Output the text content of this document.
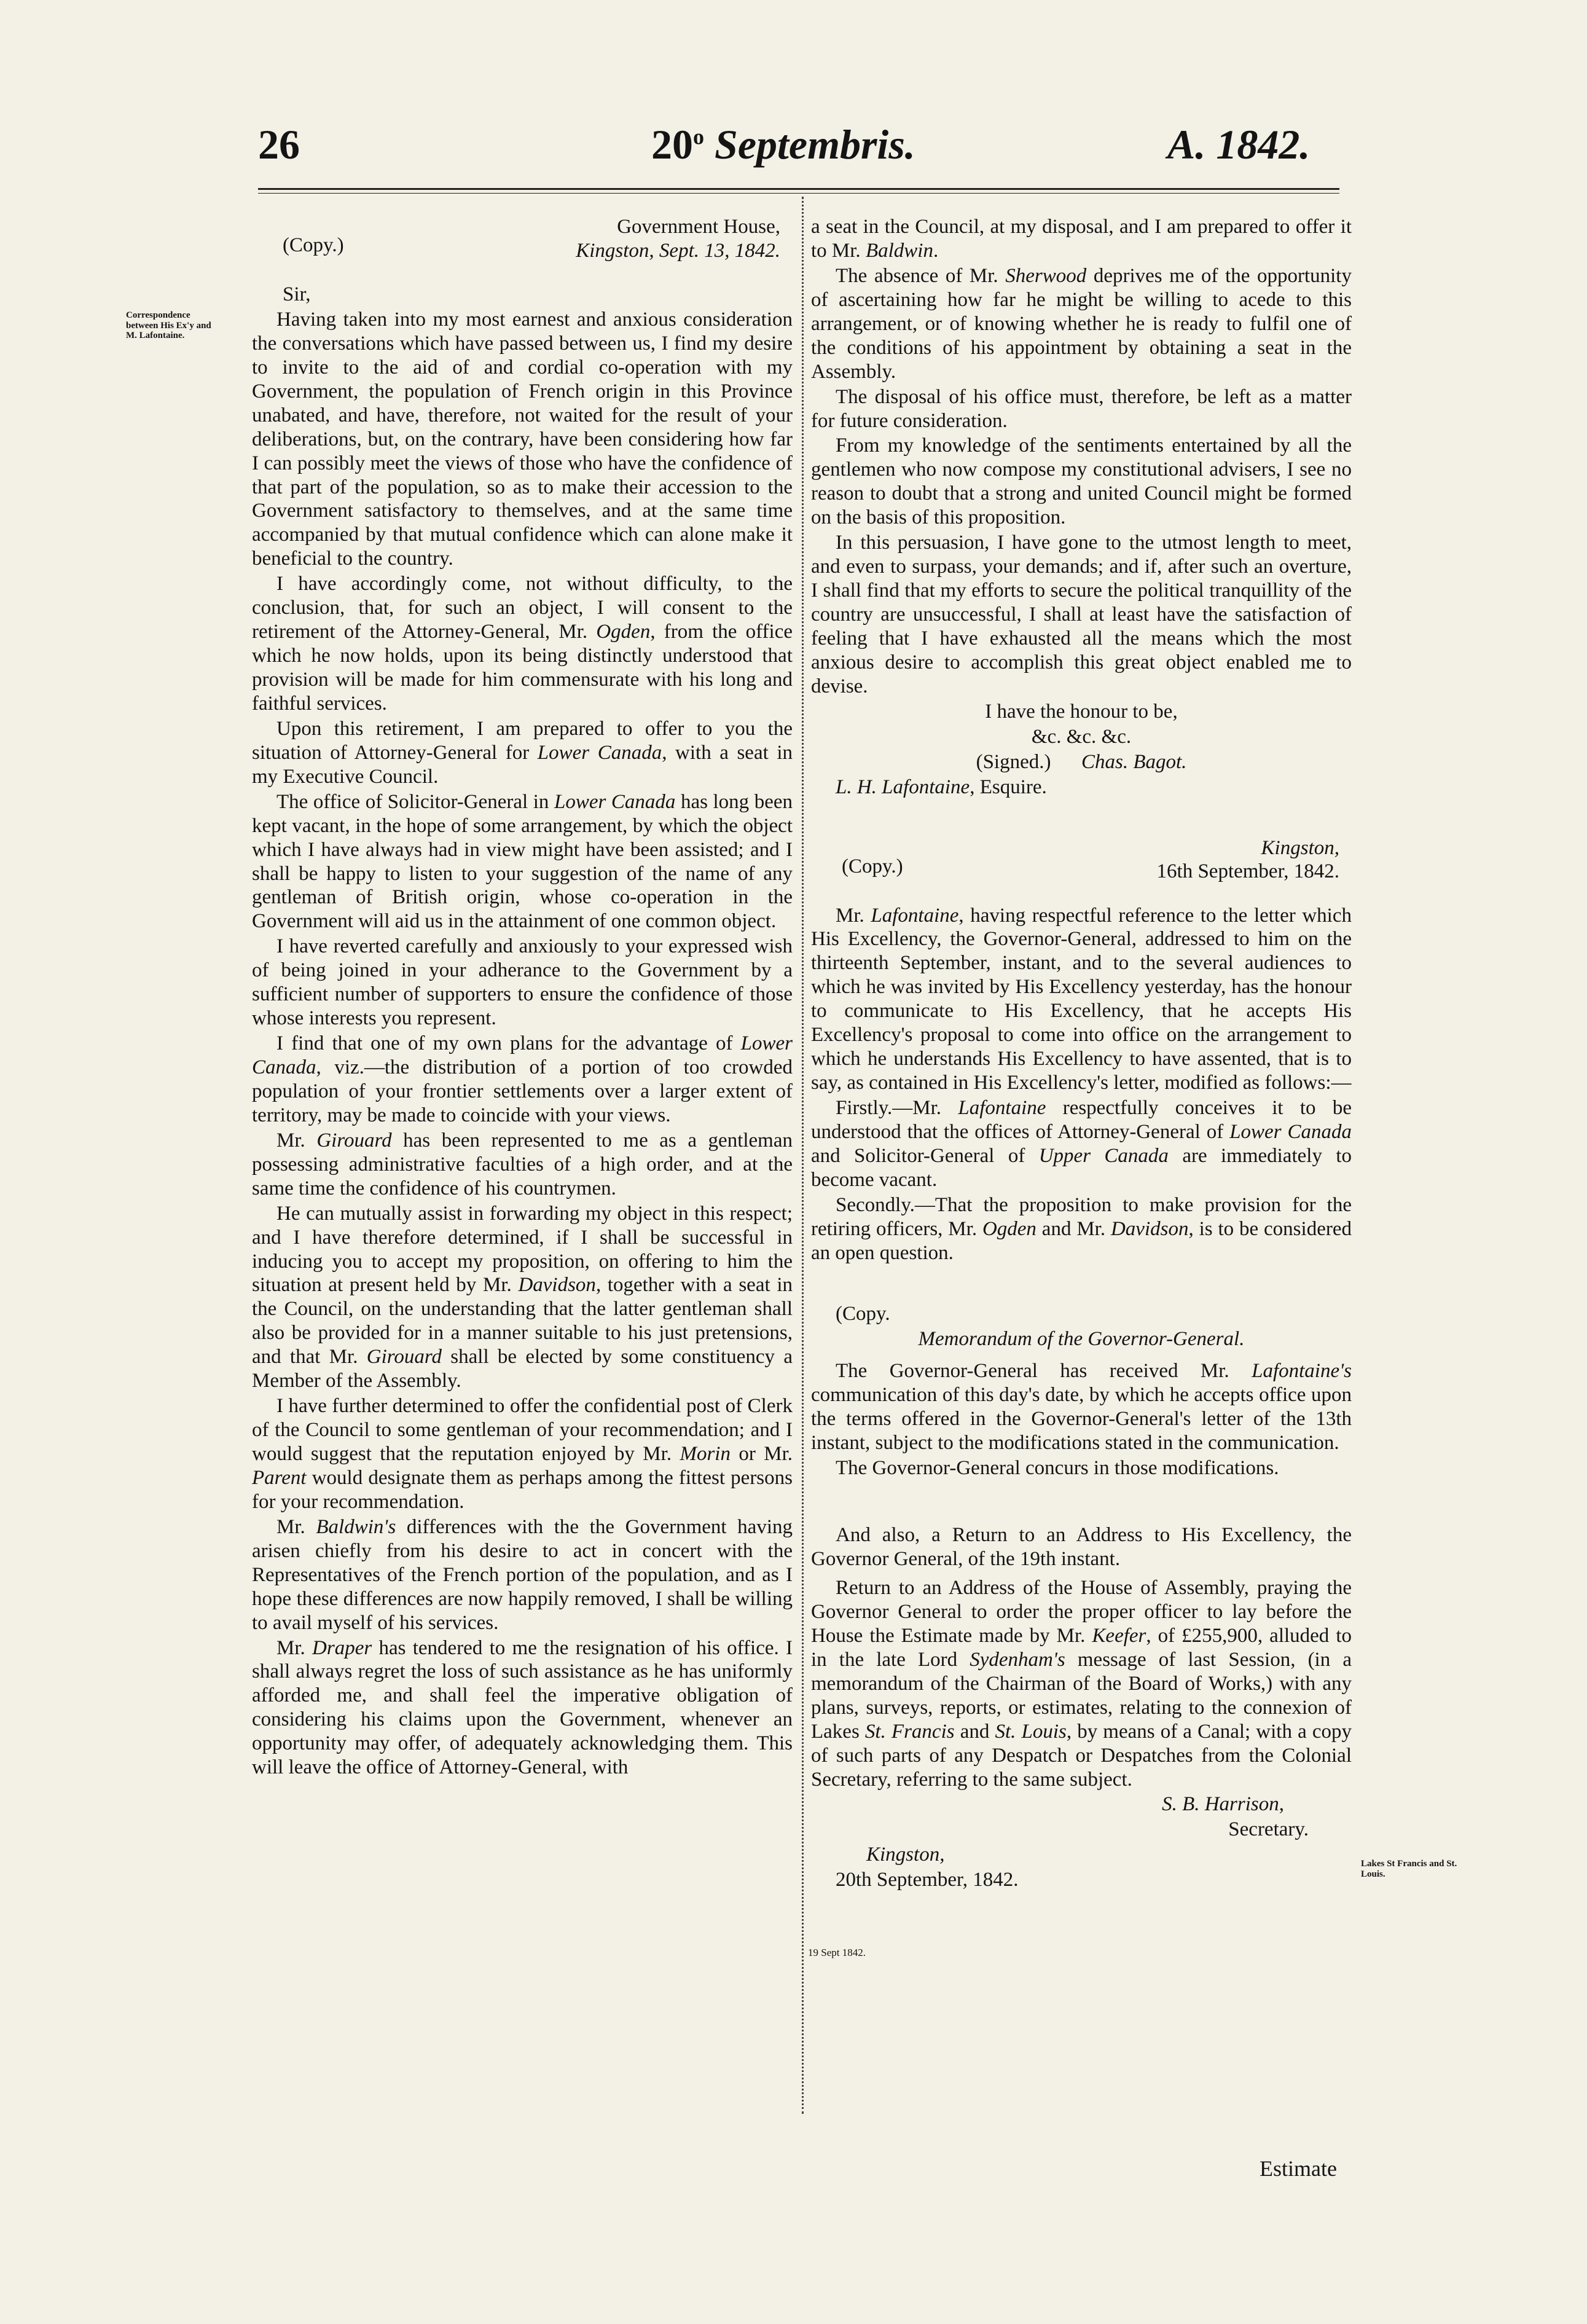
26	20$^o$ Septembris.	A. 1842.
Correspondence between His Ex'y and M. Lafontaine.
Lakes St Francis and St. Louis.
19 Sept 1842.
(Copy.)
Government House,
Kingston, Sept. 13, 1842.

Sir,

Having taken into my most earnest and anxious consideration the conversations which have passed between us, I find my desire to invite to the aid of and cordial co-operation with my Government, the population of French origin in this Province unabated, and have, therefore, not waited for the result of your deliberations, but, on the contrary, have been considering how far I can possibly meet the views of those who have the confidence of that part of the population, so as to make their accession to the Government satisfactory to themselves, and at the same time accompanied by that mutual confidence which can alone make it beneficial to the country.

I have accordingly come, not without difficulty, to the conclusion, that, for such an object, I will consent to the retirement of the Attorney-General, Mr. Ogden, from the office which he now holds, upon its being distinctly understood that provision will be made for him commensurate with his long and faithful services.

Upon this retirement, I am prepared to offer to you the situation of Attorney-General for Lower Canada, with a seat in my Executive Council.

The office of Solicitor-General in Lower Canada has long been kept vacant, in the hope of some arrangement, by which the object which I have always had in view might have been assisted; and I shall be happy to listen to your suggestion of the name of any gentleman of British origin, whose co-operation in the Government will aid us in the attainment of one common object.

I have reverted carefully and anxiously to your expressed wish of being joined in your adherance to the Government by a sufficient number of supporters to ensure the confidence of those whose interests you represent.

I find that one of my own plans for the advantage of Lower Canada, viz.—the distribution of a portion of too crowded population of your frontier settlements over a larger extent of territory, may be made to coincide with your views.

Mr. Girouard has been represented to me as a gentleman possessing administrative faculties of a high order, and at the same time the confidence of his countrymen.

He can mutually assist in forwarding my object in this respect; and I have therefore determined, if I shall be successful in inducing you to accept my proposition, on offering to him the situation at present held by Mr. Davidson, together with a seat in the Council, on the understanding that the latter gentleman shall also be provided for in a manner suitable to his just pretensions, and that Mr. Girouard shall be elected by some constituency a Member of the Assembly.

I have further determined to offer the confidential post of Clerk of the Council to some gentleman of your recommendation; and I would suggest that the reputation enjoyed by Mr. Morin or Mr. Parent would designate them as perhaps among the fittest persons for your recommendation.

Mr. Baldwin's differences with the the Government having arisen chiefly from his desire to act in concert with the Representatives of the French portion of the population, and as I hope these differences are now happily removed, I shall be willing to avail myself of his services.

Mr. Draper has tendered to me the resignation of his office. I shall always regret the loss of such assistance as he has uniformly afforded me, and shall feel the imperative obligation of considering his claims upon the Government, whenever an opportunity may offer, of adequately acknowledging them. This will leave the office of Attorney-General, with

a seat in the Council, at my disposal, and I am prepared to offer it to Mr. Baldwin.

The absence of Mr. Sherwood deprives me of the opportunity of ascertaining how far he might be willing to acede to this arrangement, or of knowing whether he is ready to fulfil one of the conditions of his appointment by obtaining a seat in the Assembly.

The disposal of his office must, therefore, be left as a matter for future consideration.

From my knowledge of the sentiments entertained by all the gentlemen who now compose my constitutional advisers, I see no reason to doubt that a strong and united Council might be formed on the basis of this proposition.

In this persuasion, I have gone to the utmost length to meet, and even to surpass, your demands; and if, after such an overture, I shall find that my efforts to secure the political tranquillity of the country are unsuccessful, I shall at least have the satisfaction of feeling that I have exhausted all the means which the most anxious desire to accomplish this great object enabled me to devise.

I have the honour to be,

&c. &c. &c.

(Signed.) Chas. Bagot.

L. H. Lafontaine, Esquire.

(Copy.)
Kingston,
16th September, 1842.

Mr. Lafontaine, having respectful reference to the letter which His Excellency, the Governor-General, addressed to him on the thirteenth September, instant, and to the several audiences to which he was invited by His Excellency yesterday, has the honour to communicate to His Excellency, that he accepts His Excellency's proposal to come into office on the arrangement to which he understands His Excellency to have assented, that is to say, as contained in His Excellency's letter, modified as follows:—

Firstly.—Mr. Lafontaine respectfully conceives it to be understood that the offices of Attorney-General of Lower Canada and Solicitor-General of Upper Canada are immediately to become vacant.

Secondly.—That the proposition to make provision for the retiring officers, Mr. Ogden and Mr. Davidson, is to be considered an open question.

(Copy.

Memorandum of the Governor-General.

The Governor-General has received Mr. Lafontaine's communication of this day's date, by which he accepts office upon the terms offered in the Governor-General's letter of the 13th instant, subject to the modifications stated in the communication.

The Governor-General concurs in those modifications.

And also, a Return to an Address to His Excellency, the Governor General, of the 19th instant.

Return to an Address of the House of Assembly, praying the Governor General to order the proper officer to lay before the House the Estimate made by Mr. Keefer, of £255,900, alluded to in the late Lord Sydenham's message of last Session, (in a memorandum of the Chairman of the Board of Works,) with any plans, surveys, reports, or estimates, relating to the connexion of Lakes St. Francis and St. Louis, by means of a Canal; with a copy of such parts of any Despatch or Despatches from the Colonial Secretary, referring to the same subject.

S. B. Harrison,

Secretary.

Kingston,

20th September, 1842.

Estimate
